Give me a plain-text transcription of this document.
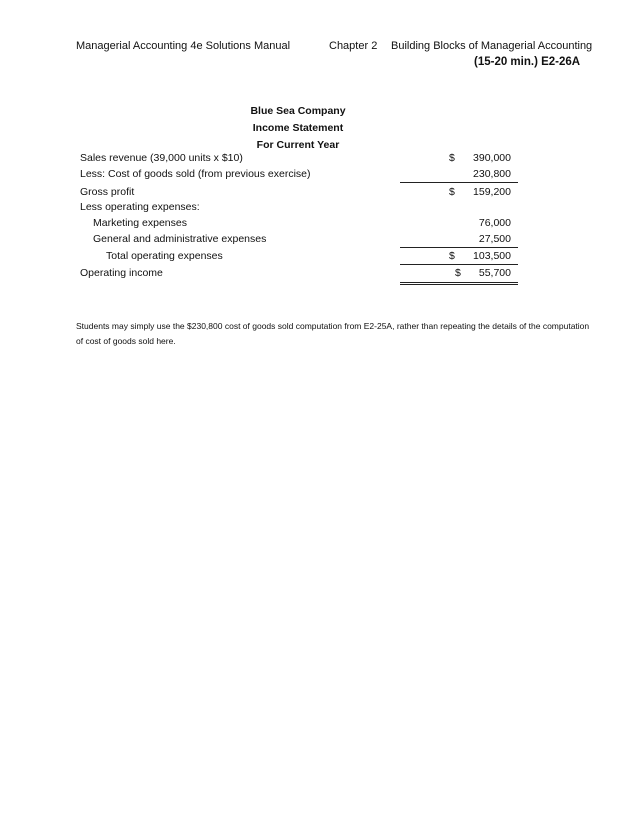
Managerial Accounting 4e Solutions Manual	Chapter 2 Building Blocks of Managerial Accounting
(15-20 min.) E2-26A
Blue Sea Company
Income Statement
For Current Year
Sales revenue (39,000 units x $10)	$ 390,000
Less: Cost of goods sold (from previous exercise)	230,800
Gross profit	$ 159,200
Less operating expenses:
Marketing expenses	76,000
General and administrative expenses	27,500
Total operating expenses	$ 103,500
Operating income	$ 55,700
Students may simply use the $230,800 cost of goods sold computation from E2-25A, rather than repeating the details of the computation of cost of goods sold here.
